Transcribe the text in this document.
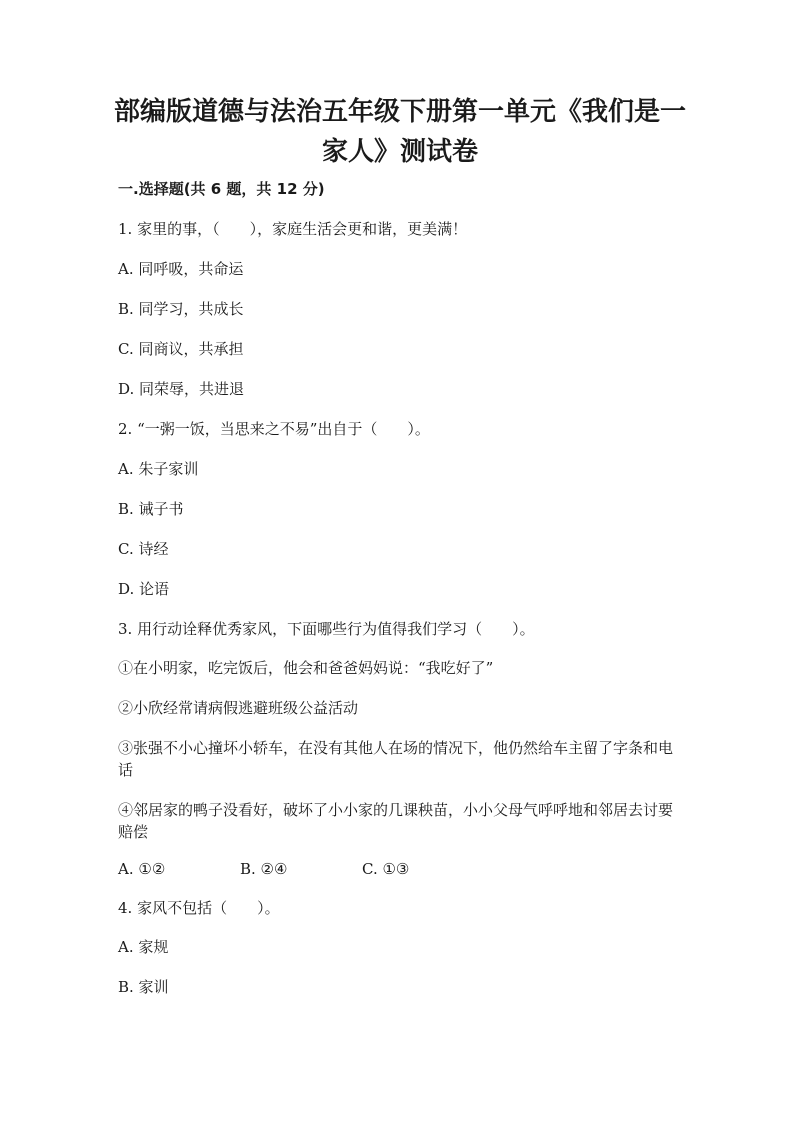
部编版道德与法治五年级下册第一单元《我们是一
家人》测试卷
一.选择题(共 6 题，共 12 分)
1. 家里的事，（　　），家庭生活会更和谐，更美满！
A. 同呼吸，共命运
B. 同学习，共成长
C. 同商议，共承担
D. 同荣辱，共进退
2. “一粥一饭，当思来之不易”出自于（　　）。
A. 朱子家训
B. 诫子书
C. 诗经
D. 论语
3. 用行动诠释优秀家风，下面哪些行为值得我们学习（　　）。
①在小明家，吃完饭后，他会和爸爸妈妈说：“我吃好了”
②小欣经常请病假逃避班级公益活动
③张强不小心撞坏小轿车，在没有其他人在场的情况下，他仍然给车主留了字条和电话
④邻居家的鸭子没看好，破坏了小小家的几课秧苗，小小父母气呼呼地和邻居去讨要赔偿
A. ①②	B. ②④	C. ①③
4. 家风不包括（　　）。
A. 家规
B. 家训
